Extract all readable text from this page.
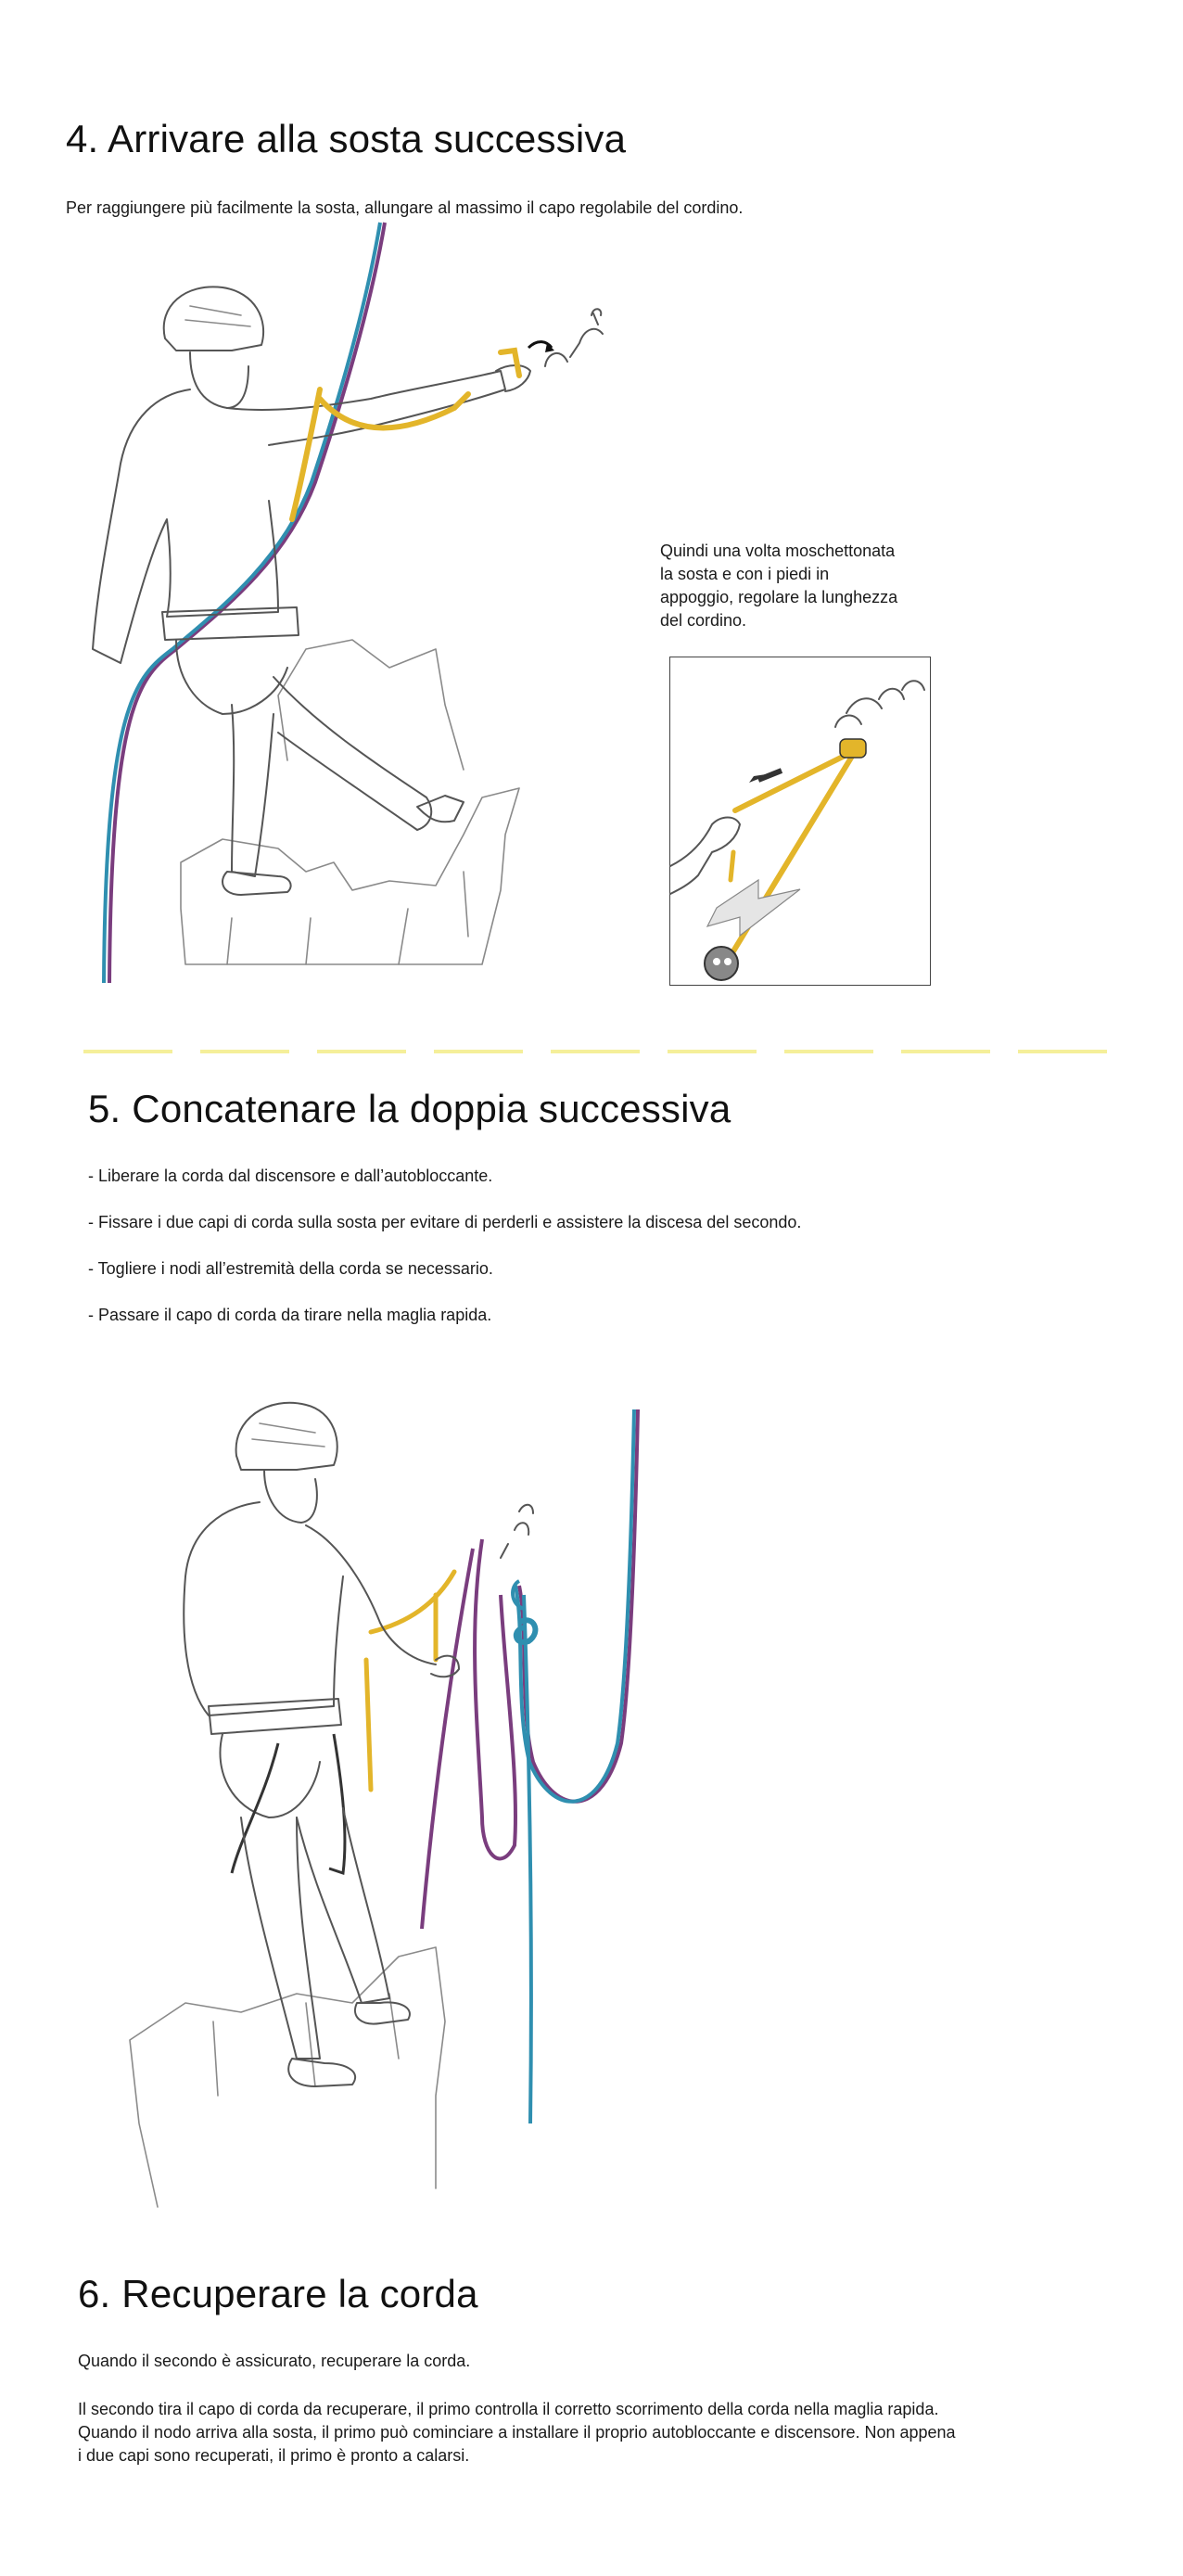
4. Arrivare alla sosta successiva
Per raggiungere più facilmente la sosta, allungare al massimo il capo regolabile del cordino.
Quindi una volta moschettonata
la sosta e con i piedi in
appoggio, regolare la lunghezza
del cordino.
5. Concatenare la doppia successiva
- Liberare la corda dal discensore e dall’autobloccante.
- Fissare i due capi di corda sulla sosta per evitare di perderli e assistere la discesa del secondo.
- Togliere i nodi all’estremità della corda se necessario.
- Passare il capo di corda da tirare nella maglia rapida.
6. Recuperare la corda
Quando il secondo è assicurato, recuperare la corda.
Il secondo tira il capo di corda da recuperare, il primo controlla il corretto scorrimento della corda nella maglia rapida.
Quando il nodo arriva alla sosta, il primo può cominciare a installare il proprio autobloccante e discensore. Non appena
i due capi sono recuperati, il primo è pronto a calarsi.
